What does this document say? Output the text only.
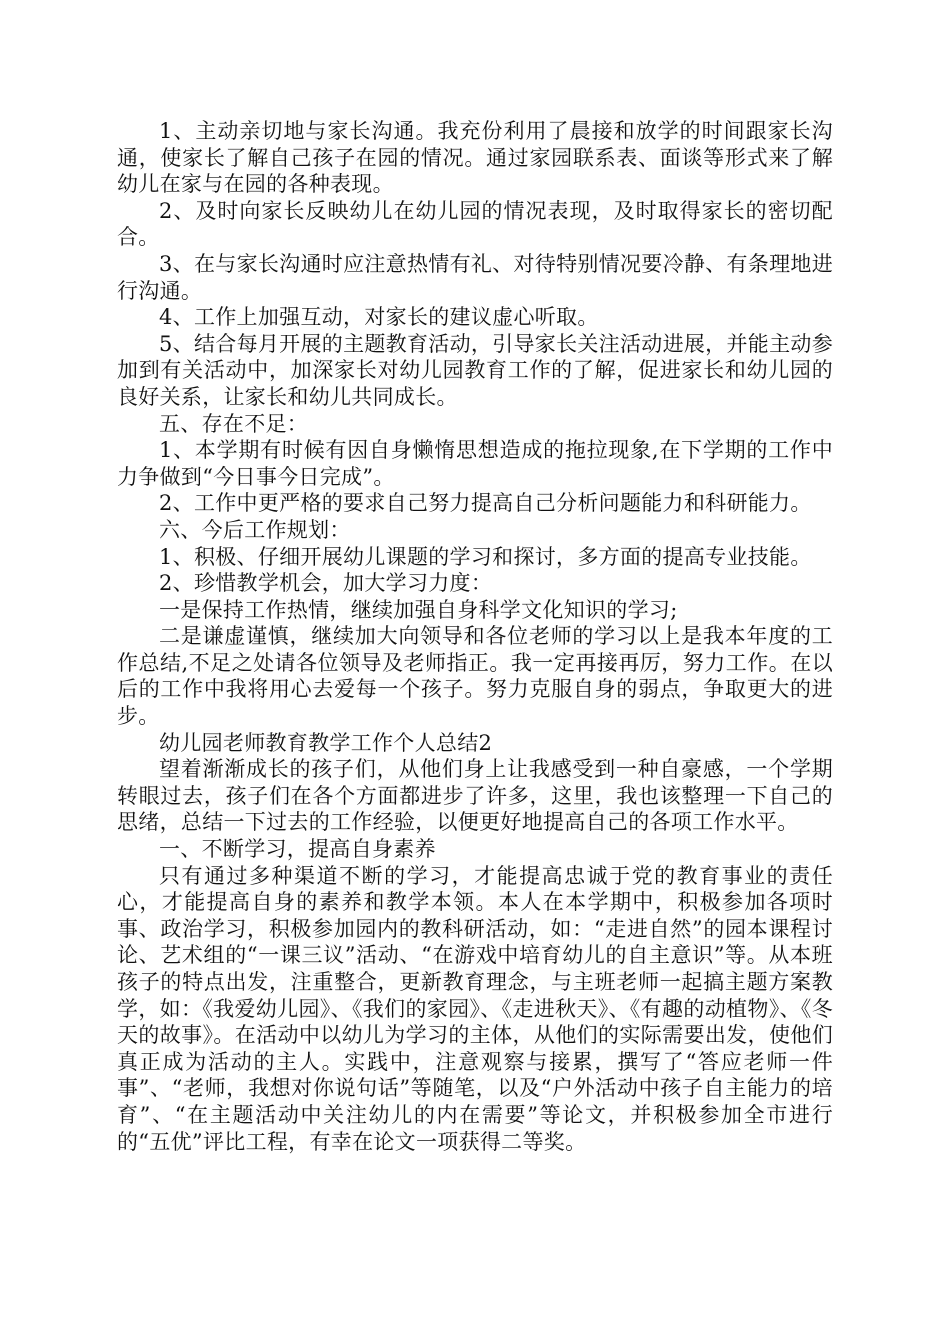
1、主动亲切地与家长沟通。我充份利用了晨接和放学的时间跟家长沟通，使家长了解自己孩子在园的情况。通过家园联系表、面谈等形式来了解幼儿在家与在园的各种表现。

2、及时向家长反映幼儿在幼儿园的情况表现，及时取得家长的密切配合。

3、在与家长沟通时应注意热情有礼、对待特别情况要冷静、有条理地进行沟通。

4、工作上加强互动，对家长的建议虚心听取。

5、结合每月开展的主题教育活动，引导家长关注活动进展，并能主动参加到有关活动中，加深家长对幼儿园教育工作的了解，促进家长和幼儿园的良好关系，让家长和幼儿共同成长。

五、存在不足：

1、本学期有时候有因自身懒惰思想造成的拖拉现象,在下学期的工作中力争做到“今日事今日完成”。

2、工作中更严格的要求自己努力提高自己分析问题能力和科研能力。

六、今后工作规划：

1、积极、仔细开展幼儿课题的学习和探讨，多方面的提高专业技能。

2、珍惜教学机会，加大学习力度：

一是保持工作热情，继续加强自身科学文化知识的学习;

二是谦虚谨慎，继续加大向领导和各位老师的学习以上是我本年度的工作总结,不足之处请各位领导及老师指正。我一定再接再厉，努力工作。在以后的工作中我将用心去爱每一个孩子。努力克服自身的弱点，争取更大的进步。

幼儿园老师教育教学工作个人总结2

望着渐渐成长的孩子们，从他们身上让我感受到一种自豪感，一个学期转眼过去，孩子们在各个方面都进步了许多，这里，我也该整理一下自己的思绪，总结一下过去的工作经验，以便更好地提高自己的各项工作水平。

一、不断学习，提高自身素养

只有通过多种渠道不断的学习，才能提高忠诚于党的教育事业的责任心，才能提高自身的素养和教学本领。本人在本学期中，积极参加各项时事、政治学习，积极参加园内的教科研活动，如：“走进自然”的园本课程讨论、艺术组的“一课三议”活动、“在游戏中培育幼儿的自主意识”等。从本班孩子的特点出发，注重整合，更新教育理念，与主班老师一起搞主题方案教学，如：《我爱幼儿园》、《我们的家园》、《走进秋天》、《有趣的动植物》、《冬天的故事》。在活动中以幼儿为学习的主体，从他们的实际需要出发，使他们真正成为活动的主人。实践中，注意观察与接累，撰写了“答应老师一件事”、“老师，我想对你说句话”等随笔，以及“户外活动中孩子自主能力的培育”、“在主题活动中关注幼儿的内在需要”等论文，并积极参加全市进行的“五优”评比工程，有幸在论文一项获得二等奖。
